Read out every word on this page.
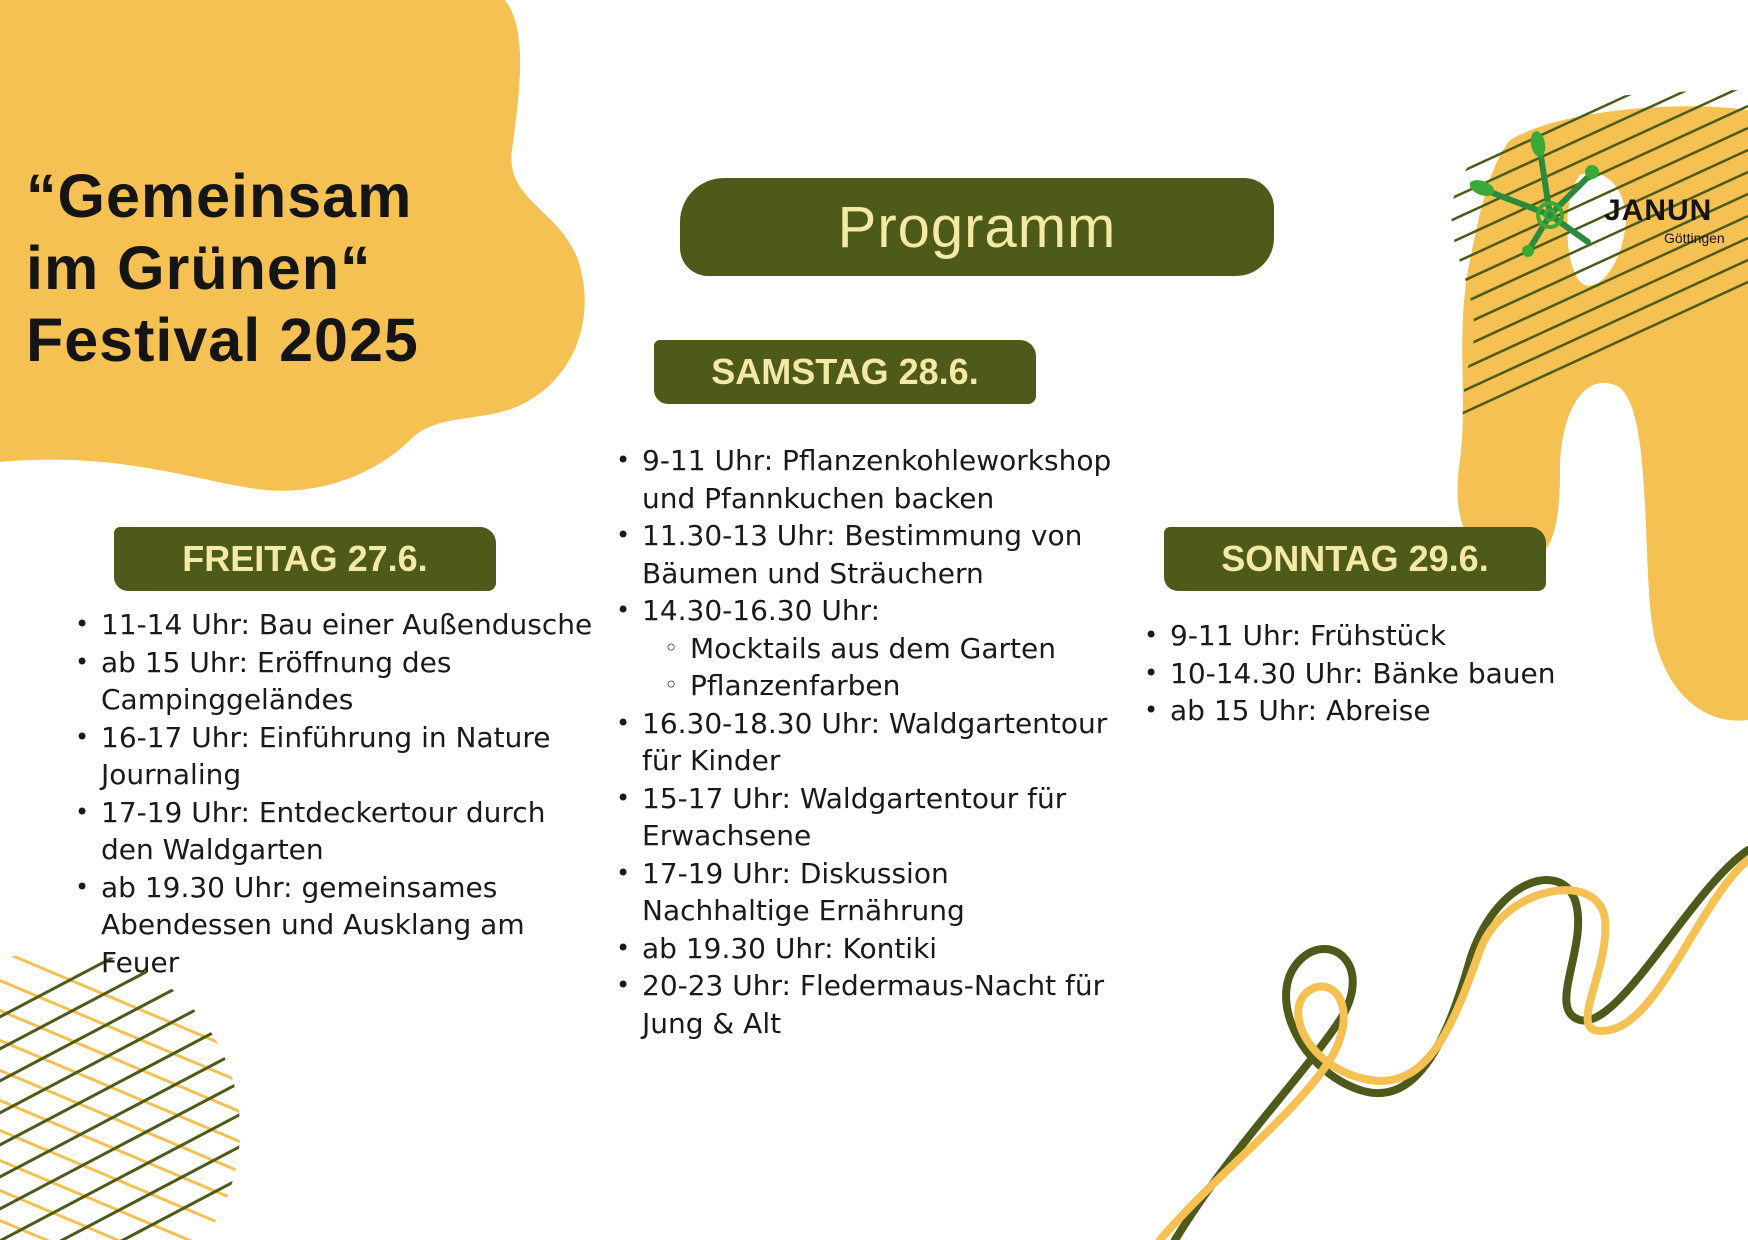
“Gemeinsam
im Grünen“
Festival 2025
Programm	JANUN
Göttingen
FREITAG 27.6.
• 11-14 Uhr: Bau einer Außendusche
• ab 15 Uhr: Eröffnung des Campinggeländes
• 16-17 Uhr: Einführung in Nature Journaling
• 17-19 Uhr: Entdeckertour durch den Waldgarten
• ab 19.30 Uhr: gemeinsames Abendessen und Ausklang am Feuer
SAMSTAG 28.6.
• 9-11 Uhr: Pflanzenkohleworkshop und Pfannkuchen backen
• 11.30-13 Uhr: Bestimmung von Bäumen und Sträuchern
• 14.30-16.30 Uhr:
◦ Mocktails aus dem Garten
◦ Pflanzenfarben
• 16.30-18.30 Uhr: Waldgartentour für Kinder
• 15-17 Uhr: Waldgartentour für Erwachsene
• 17-19 Uhr: Diskussion Nachhaltige Ernährung
• ab 19.30 Uhr: Kontiki
• 20-23 Uhr: Fledermaus-Nacht für Jung & Alt
SONNTAG 29.6.
• 9-11 Uhr: Frühstück
• 10-14.30 Uhr: Bänke bauen
• ab 15 Uhr: Abreise
